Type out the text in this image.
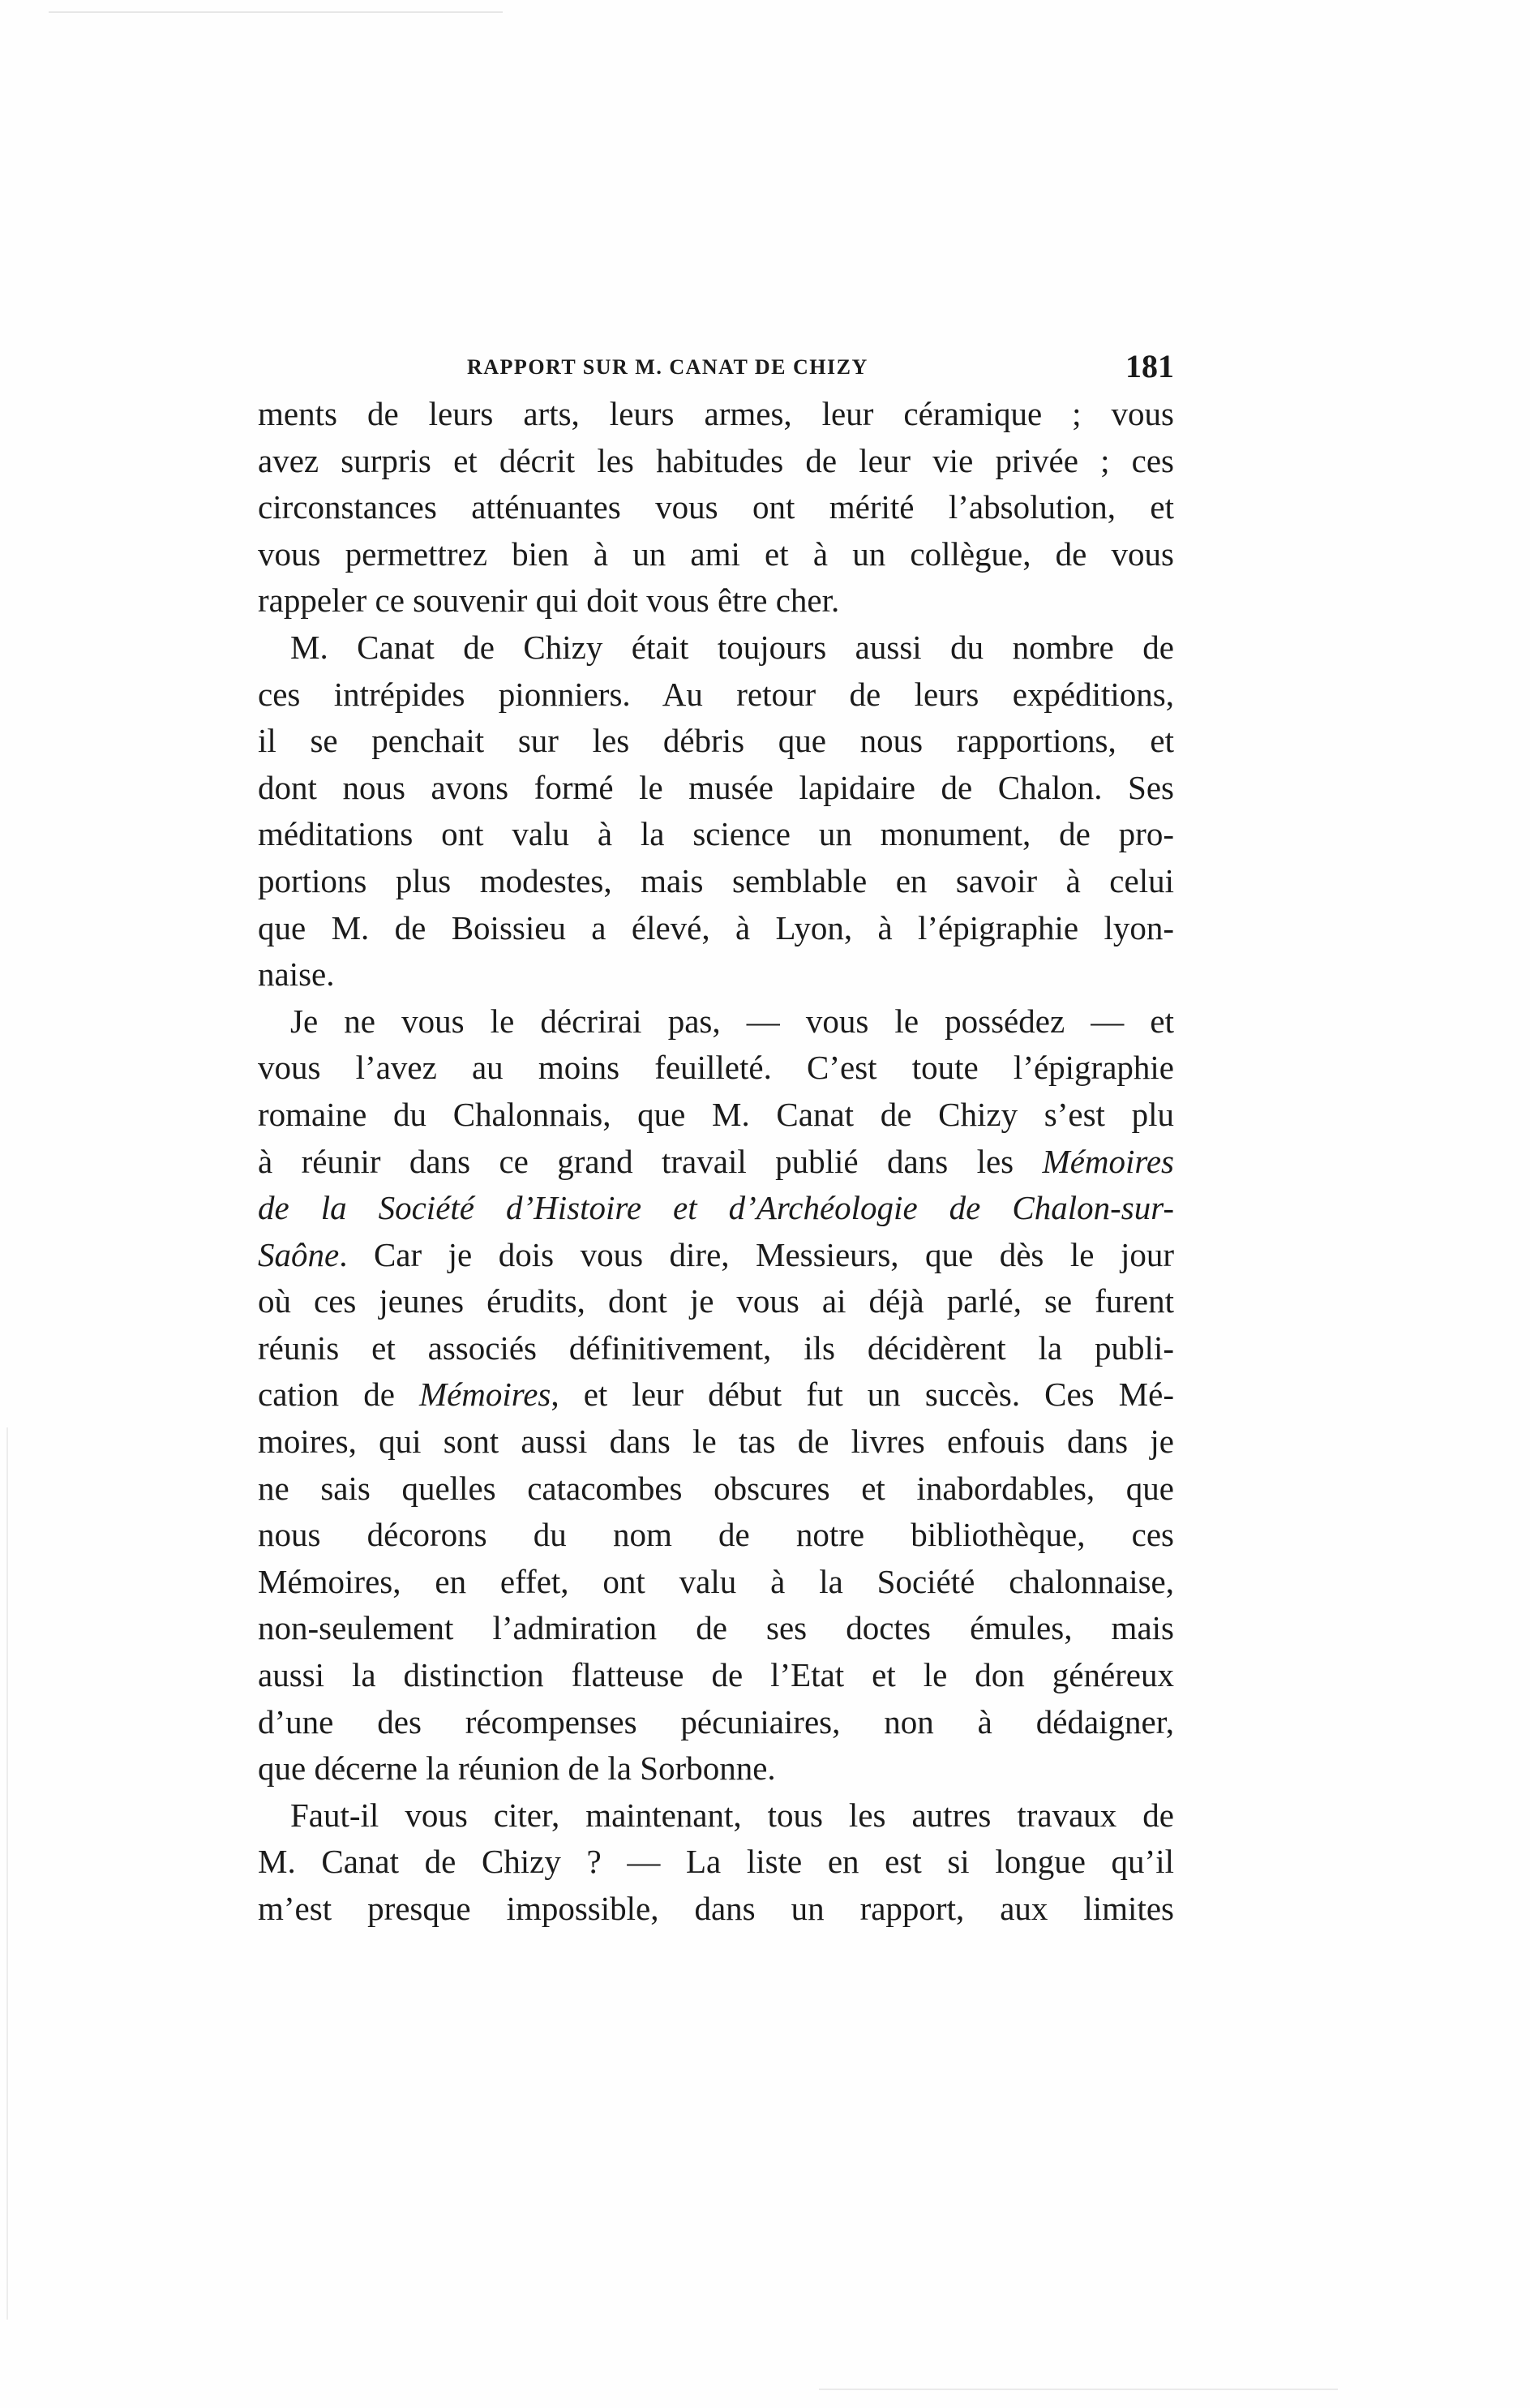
RAPPORT SUR M. CANAT DE CHIZY	181
ments de leurs arts, leurs armes, leur céramique ; vous
avez surpris et décrit les habitudes de leur vie privée ; ces
circonstances atténuantes vous ont mérité l’absolution, et
vous permettrez bien à un ami et à un collègue, de vous
rappeler ce souvenir qui doit vous être cher.
M. Canat de Chizy était toujours aussi du nombre de
ces intrépides pionniers. Au retour de leurs expéditions,
il se penchait sur les débris que nous rapportions, et
dont nous avons formé le musée lapidaire de Chalon. Ses
méditations ont valu à la science un monument, de pro-
portions plus modestes, mais semblable en savoir à celui
que M. de Boissieu a élevé, à Lyon, à l’épigraphie lyon-
naise.
Je ne vous le décrirai pas, — vous le possédez — et
vous l’avez au moins feuilleté. C’est toute l’épigraphie
romaine du Chalonnais, que M. Canat de Chizy s’est plu
à réunir dans ce grand travail publié dans les Mémoires
de la Société d’Histoire et d’Archéologie de Chalon-sur-
Saône. Car je dois vous dire, Messieurs, que dès le jour
où ces jeunes érudits, dont je vous ai déjà parlé, se furent
réunis et associés définitivement, ils décidèrent la publi-
cation de Mémoires, et leur début fut un succès. Ces Mé-
moires, qui sont aussi dans le tas de livres enfouis dans je
ne sais quelles catacombes obscures et inabordables, que
nous décorons du nom de notre bibliothèque, ces
Mémoires, en effet, ont valu à la Société chalonnaise,
non-seulement l’admiration de ses doctes émules, mais
aussi la distinction flatteuse de l’Etat et le don généreux
d’une des récompenses pécuniaires, non à dédaigner,
que décerne la réunion de la Sorbonne.
Faut-il vous citer, maintenant, tous les autres travaux de
M. Canat de Chizy ? — La liste en est si longue qu’il
m’est presque impossible, dans un rapport, aux limites
